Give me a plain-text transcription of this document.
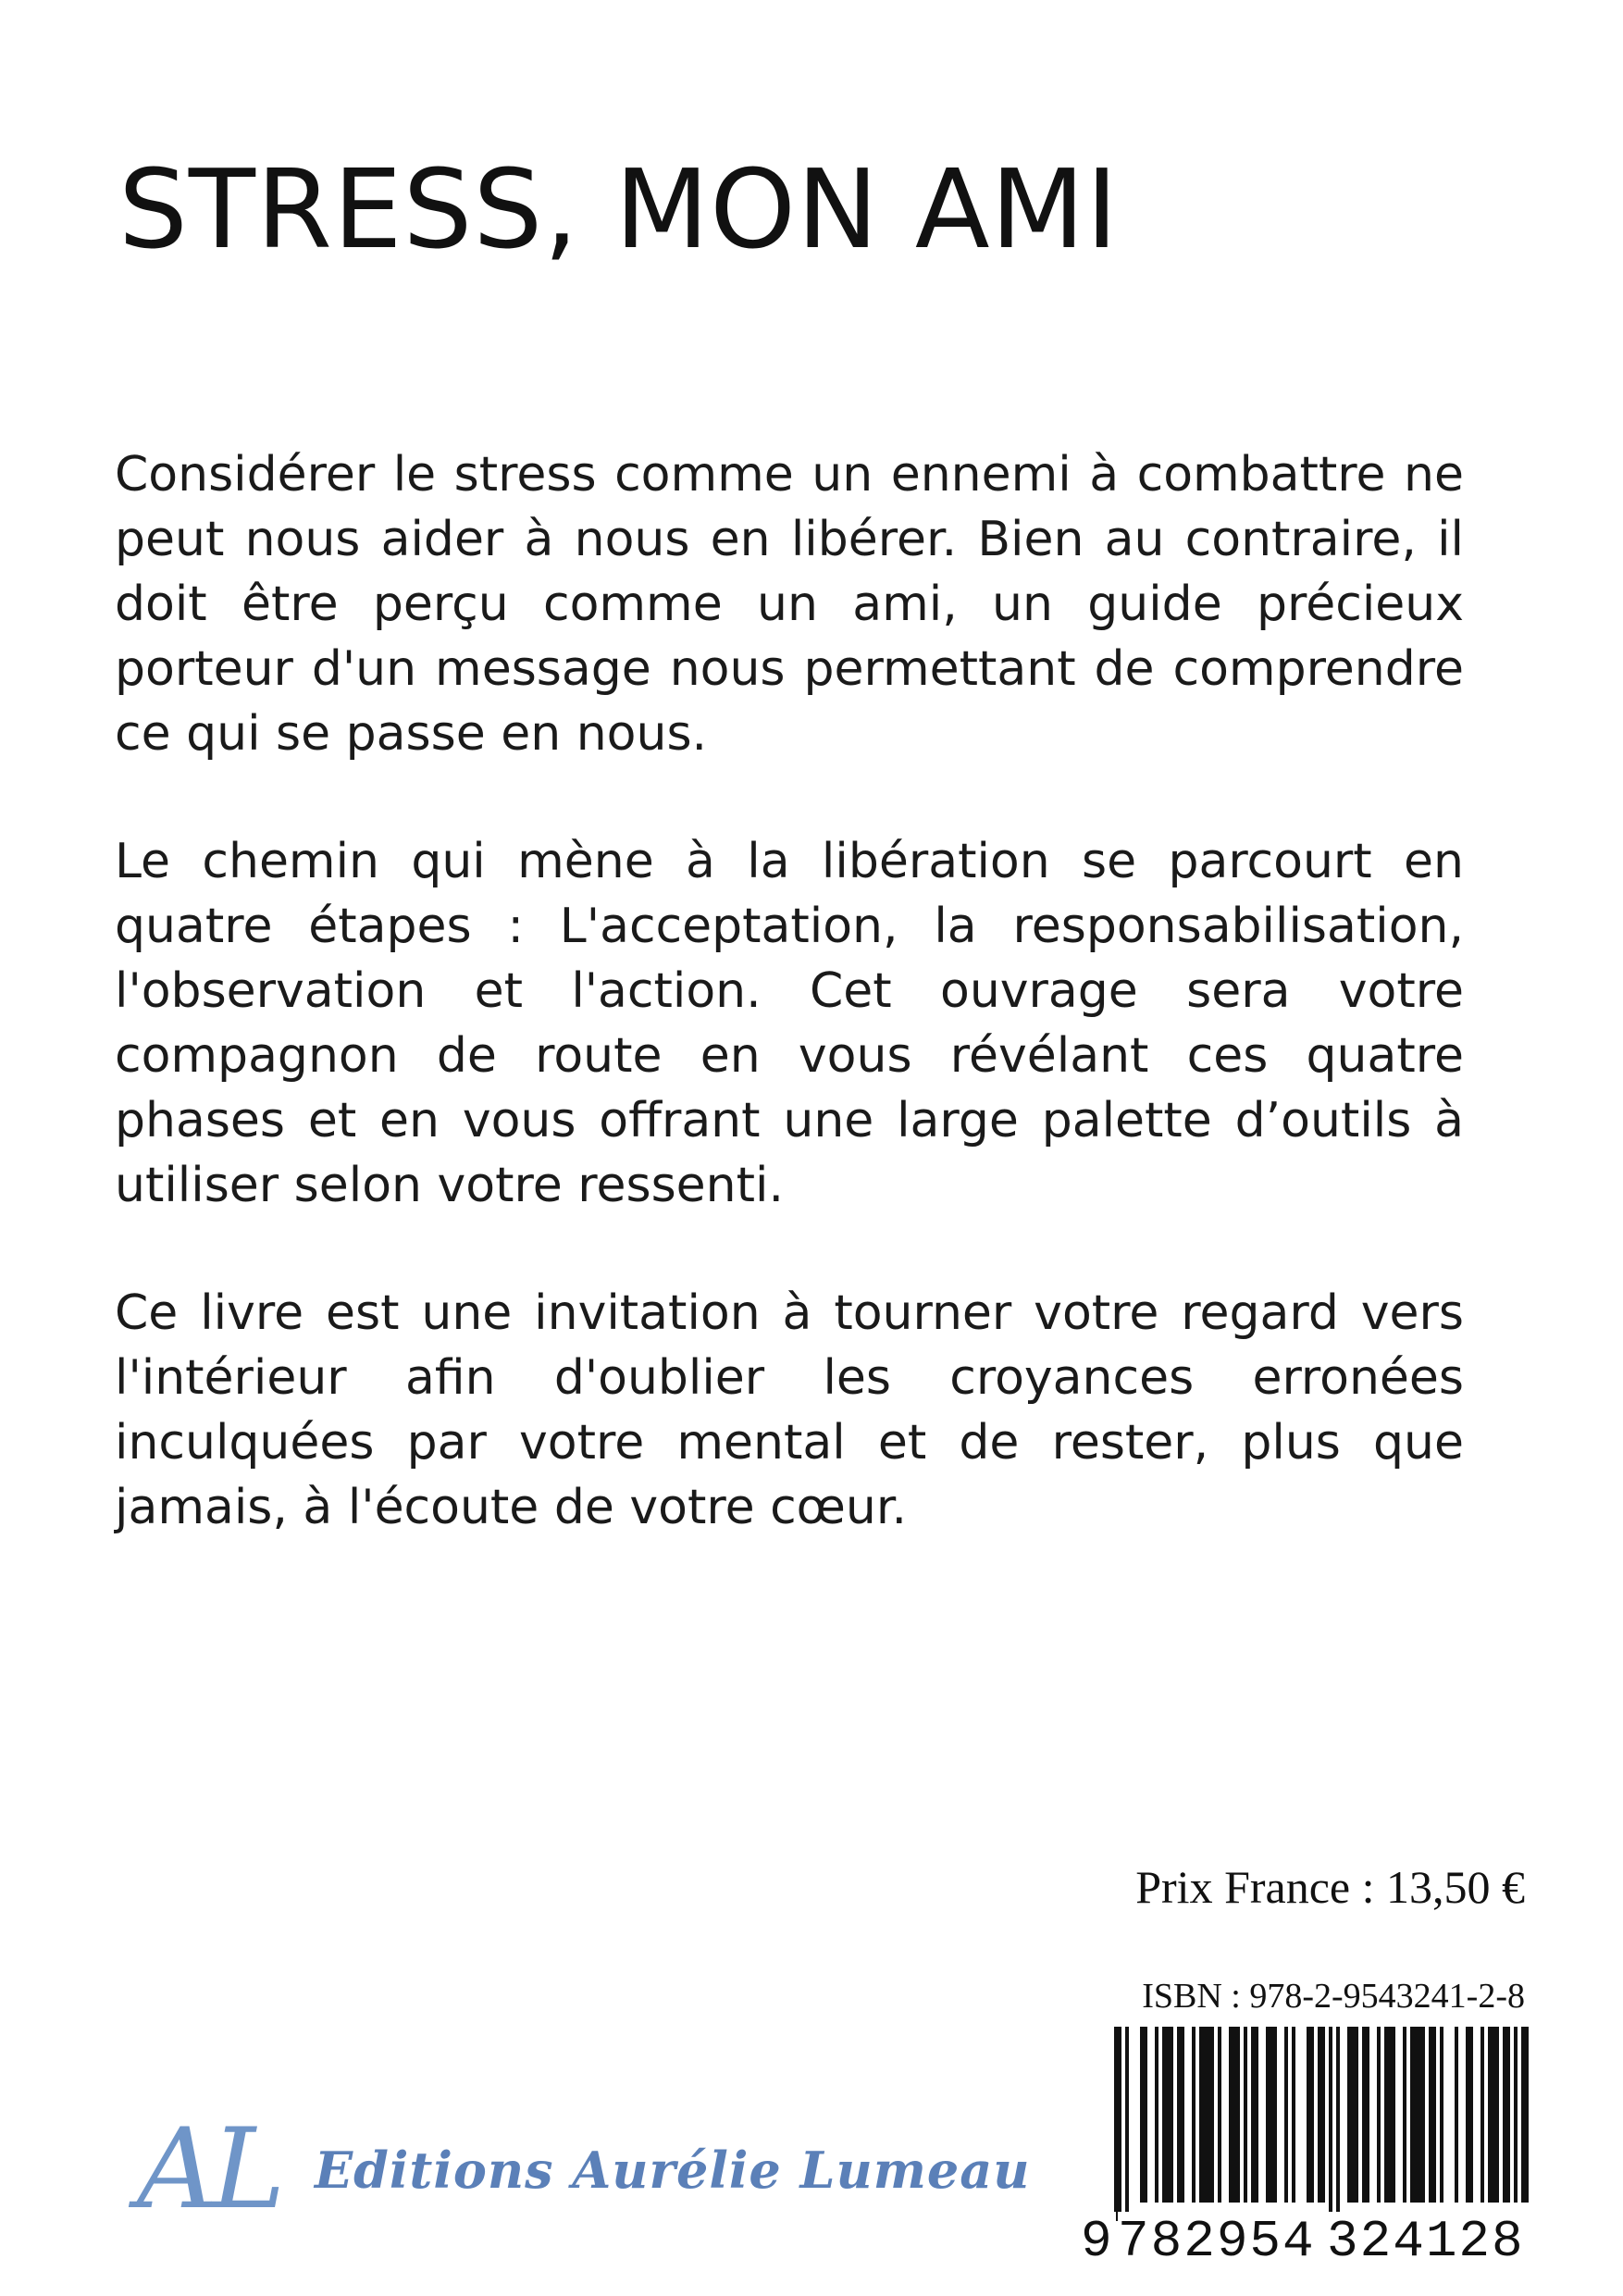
STRESS, MON AMI

Considérer le stress comme un ennemi à combattre ne peut nous aider à nous en libérer. Bien au contraire, il doit être perçu comme un ami, un guide précieux porteur d'un message nous permettant de comprendre ce qui se passe en nous.

Le chemin qui mène à la libération se parcourt en quatre étapes : L'acceptation, la responsabilisation, l'observation et l'action. Cet ouvrage sera votre compagnon de route en vous révélant ces quatre phases et en vous offrant une large palette d’outils à utiliser selon votre ressenti.

Ce livre est une invitation à tourner votre regard vers l'intérieur afin d'oublier les croyances erronées inculquées par votre mental et de rester, plus que jamais, à l'écoute de votre cœur.

Prix France : 13,50 €
ISBN : 978-2-9543241-2-8
9 782954 324128
AL Editions Aurélie Lumeau
